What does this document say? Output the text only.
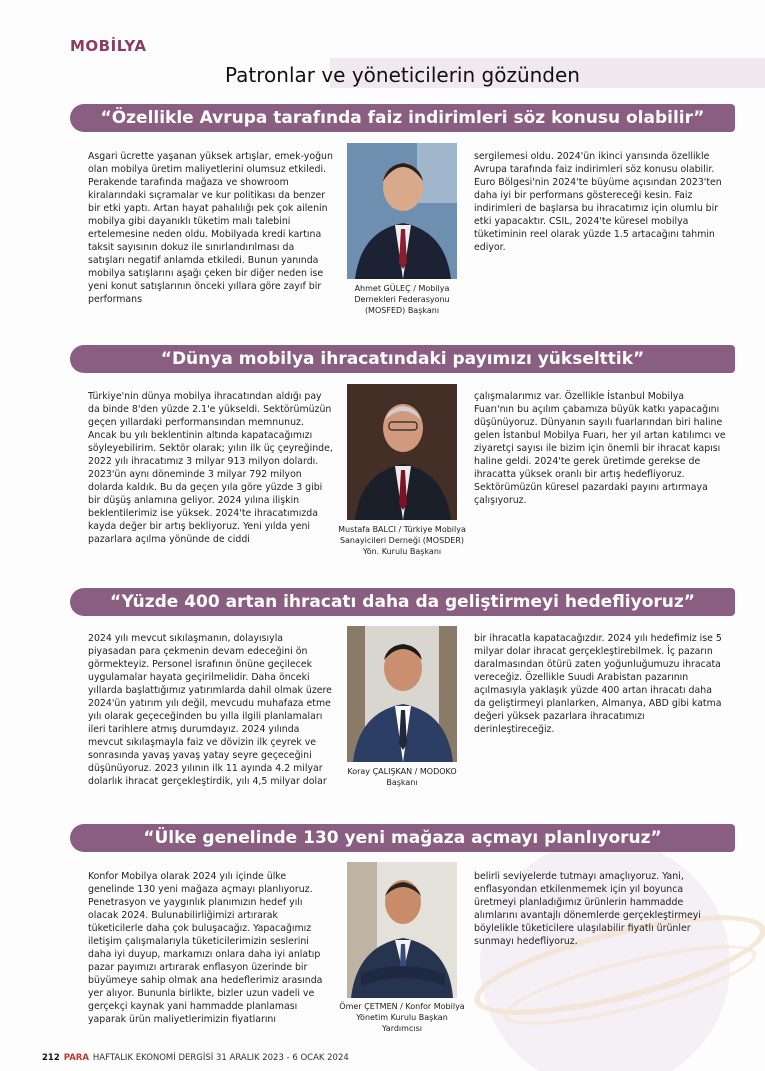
MOBİLYA
Patronlar ve yöneticilerin gözünden
“Özellikle Avrupa tarafında faiz indirimleri söz konusu olabilir”
Asgari ücrette yaşanan yüksek artışlar, emek-yoğun olan mobilya üretim maliyetlerini olumsuz etkiledi. Perakende tarafında mağaza ve showroom kiralarındaki sıçramalar ve kur politikası da benzer bir etki yaptı. Artan hayat pahalılığı pek çok ailenin mobilya gibi dayanıklı tüketim malı talebini ertelemesine neden oldu. Mobilyada kredi kartına taksit sayısının dokuz ile sınırlandırılması da satışları negatif anlamda etkiledi. Bunun yanında mobilya satışlarını aşağı çeken bir diğer neden ise yeni konut satışlarının önceki yıllara göre zayıf bir performans
Ahmet GÜLEÇ / Mobilya Dernekleri Federasyonu (MOSFED) Başkanı
sergilemesi oldu. 2024'ün ikinci yarısında özellikle Avrupa tarafında faiz indirimleri söz konusu olabilir. Euro Bölgesi'nin 2024'te büyüme açısından 2023'ten daha iyi bir performans göstereceği kesin. Faiz indirimleri de başlarsa bu ihracatımız için olumlu bir etki yapacaktır. CSIL, 2024'te küresel mobilya tüketiminin reel olarak yüzde 1.5 artacağını tahmin ediyor.
“Dünya mobilya ihracatındaki payımızı yükselttik”
Türkiye'nin dünya mobilya ihracatından aldığı pay da binde 8'den yüzde 2.1'e yükseldi. Sektörümüzün geçen yıllardaki performansından memnunuz. Ancak bu yılı beklentinin altında kapatacağımızı söyleyebilirim. Sektör olarak; yılın ilk üç çeyreğinde, 2022 yılı ihracatımız 3 milyar 913 milyon dolardı. 2023'ün aynı döneminde 3 milyar 792 milyon dolarda kaldık. Bu da geçen yıla göre yüzde 3 gibi bir düşüş anlamına geliyor. 2024 yılına ilişkin beklentilerimiz ise yüksek. 2024'te ihracatımızda kayda değer bir artış bekliyoruz. Yeni yılda yeni pazarlara açılma yönünde de ciddi
Mustafa BALCI / Türkiye Mobilya Sanayicileri Derneği (MOSDER) Yön. Kurulu Başkanı
çalışmalarımız var. Özellikle İstanbul Mobilya Fuarı'nın bu açılım çabamıza büyük katkı yapacağını düşünüyoruz. Dünyanın sayılı fuarlarından biri haline gelen İstanbul Mobilya Fuarı, her yıl artan katılımcı ve ziyaretçi sayısı ile bizim için önemli bir ihracat kapısı haline geldi. 2024'te gerek üretimde gerekse de ihracatta yüksek oranlı bir artış hedefliyoruz. Sektörümüzün küresel pazardaki payını artırmaya çalışıyoruz.
“Yüzde 400 artan ihracatı daha da geliştirmeyi hedefliyoruz”
2024 yılı mevcut sıkılaşmanın, dolayısıyla piyasadan para çekmenin devam edeceğini ön görmekteyiz. Personel israfının önüne geçilecek uygulamalar hayata geçirilmelidir. Daha önceki yıllarda başlattığımız yatırımlarda dahil olmak üzere 2024'ün yatırım yılı değil, mevcudu muhafaza etme yılı olarak geçeceğinden bu yılla ilgili planlamaları ileri tarihlere atmış durumdayız. 2024 yılında mevcut sıkılaşmayla faiz ve dövizin ilk çeyrek ve sonrasında yavaş yavaş yatay seyre geçeceğini düşünüyoruz. 2023 yılının ilk 11 ayında 4.2 milyar dolarlık ihracat gerçekleştirdik, yılı 4,5 milyar dolar
Koray ÇALIŞKAN / MODOKO Başkanı
bir ihracatla kapatacağızdır. 2024 yılı hedefimiz ise 5 milyar dolar ihracat gerçekleştirebilmek. İç pazarın daralmasından ötürü zaten yoğunluğumuzu ihracata vereceğiz. Özellikle Suudi Arabistan pazarının açılmasıyla yaklaşık yüzde 400 artan ihracatı daha da geliştirmeyi planlarken, Almanya, ABD gibi katma değeri yüksek pazarlara ihracatımızı derinleştireceğiz.
“Ülke genelinde 130 yeni mağaza açmayı planlıyoruz”
Konfor Mobilya olarak 2024 yılı içinde ülke genelinde 130 yeni mağaza açmayı planlıyoruz. Penetrasyon ve yaygınlık planımızın hedef yılı olacak 2024. Bulunabilirliğimizi artırarak tüketicilerle daha çok buluşacağız. Yapacağımız iletişim çalışmalarıyla tüketicilerimizin seslerini daha iyi duyup, markamızı onlara daha iyi anlatıp pazar payımızı artırarak enflasyon üzerinde bir büyümeye sahip olmak ana hedeflerimiz arasında yer alıyor. Bununla birlikte, bizler uzun vadeli ve gerçekçi kaynak yani hammadde planlaması yaparak ürün maliyetlerimizin fiyatlarını
Ömer ÇETMEN / Konfor Mobilya Yönetim Kurulu Başkan Yardımcısı
belirli seviyelerde tutmayı amaçlıyoruz. Yani, enflasyondan etkilenmemek için yıl boyunca üretmeyi planladığımız ürünlerin hammadde alımlarını avantajlı dönemlerde gerçekleştirmeyi böylelikle tüketicilere ulaşılabilir fiyatlı ürünler sunmayı hedefliyoruz.
212 PARA HAFTALIK EKONOMİ DERGİSİ 31 ARALIK 2023 - 6 OCAK 2024
